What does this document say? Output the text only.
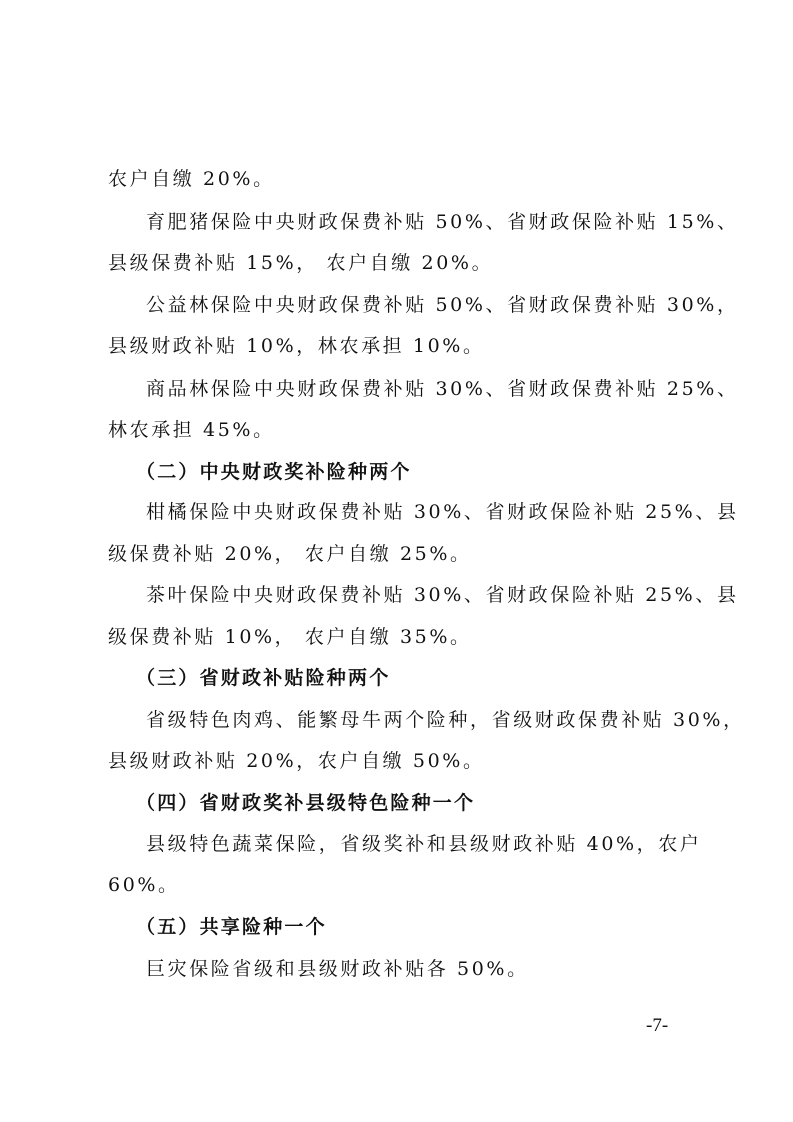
农户自缴 20%。
育肥猪保险中央财政保费补贴 50%、省财政保险补贴 15%、
县级保费补贴 15%， 农户自缴 20%。
公益林保险中央财政保费补贴 50%、省财政保费补贴 30%，
县级财政补贴 10%，林农承担 10%。
商品林保险中央财政保费补贴 30%、省财政保费补贴 25%、
林农承担 45%。
（二）中央财政奖补险种两个
柑橘保险中央财政保费补贴 30%、省财政保险补贴 25%、县
级保费补贴 20%， 农户自缴 25%。
茶叶保险中央财政保费补贴 30%、省财政保险补贴 25%、县
级保费补贴 10%， 农户自缴 35%。
（三）省财政补贴险种两个
省级特色肉鸡、能繁母牛两个险种，省级财政保费补贴 30%，
县级财政补贴 20%，农户自缴 50%。
（四）省财政奖补县级特色险种一个
县级特色蔬菜保险，省级奖补和县级财政补贴 40%，农户
60%。
（五）共享险种一个
巨灾保险省级和县级财政补贴各 50%。
-7-
